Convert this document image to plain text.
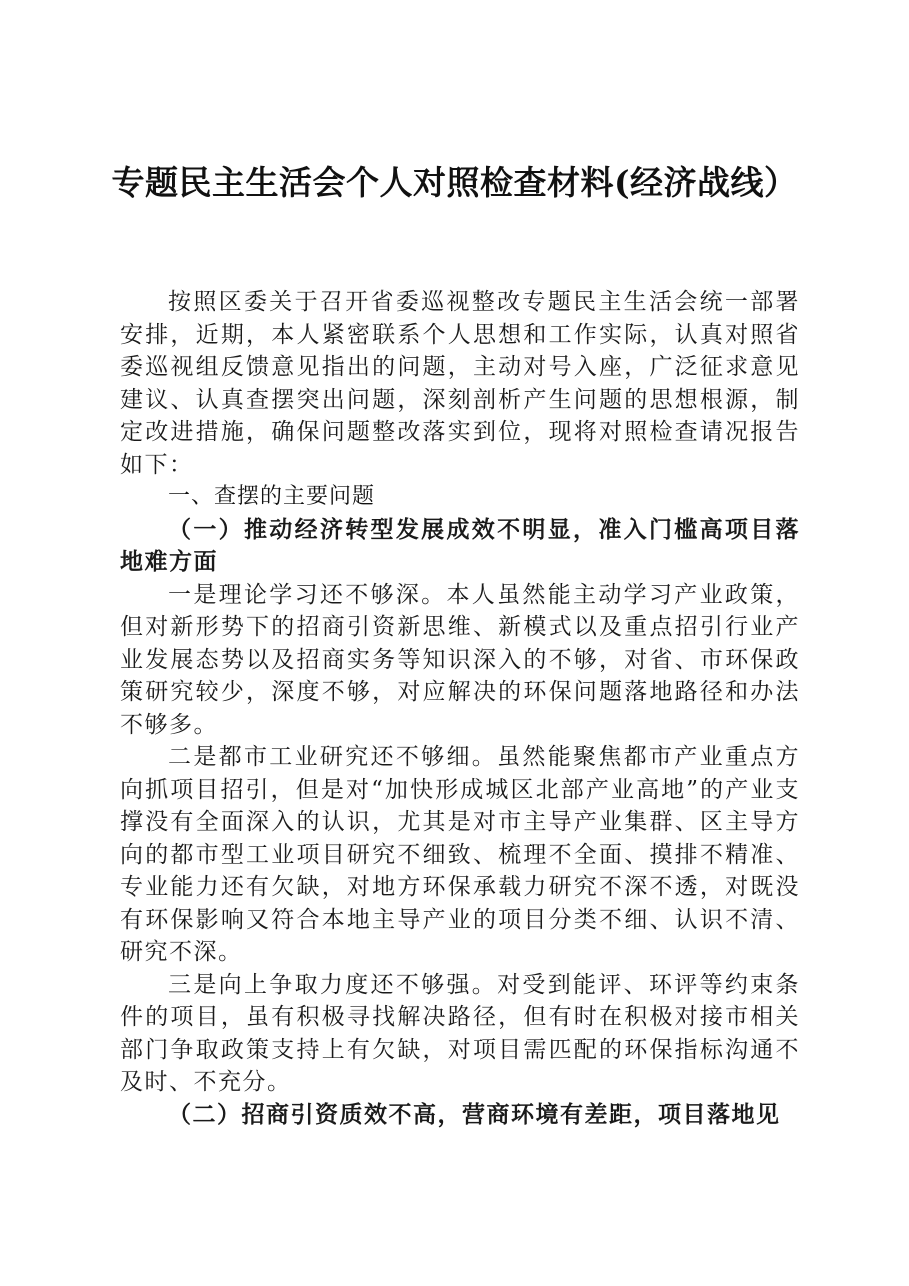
专题民主生活会个人对照检查材料(经济战线）

按照区委关于召开省委巡视整改专题民主生活会统一部署安排，近期，本人紧密联系个人思想和工作实际，认真对照省委巡视组反馈意见指出的问题，主动对号入座，广泛征求意见建议、认真查摆突出问题，深刻剖析产生问题的思想根源，制定改进措施，确保问题整改落实到位，现将对照检查请况报告如下：

一、查摆的主要问题

（一）推动经济转型发展成效不明显，准入门槛高项目落地难方面

一是理论学习还不够深。本人虽然能主动学习产业政策，但对新形势下的招商引资新思维、新模式以及重点招引行业产业发展态势以及招商实务等知识深入的不够，对省、市环保政策研究较少，深度不够，对应解决的环保问题落地路径和办法不够多。

二是都市工业研究还不够细。虽然能聚焦都市产业重点方向抓项目招引，但是对“加快形成城区北部产业高地”的产业支撑没有全面深入的认识，尤其是对市主导产业集群、区主导方向的都市型工业项目研究不细致、梳理不全面、摸排不精准、专业能力还有欠缺，对地方环保承载力研究不深不透，对既没有环保影响又符合本地主导产业的项目分类不细、认识不清、研究不深。

三是向上争取力度还不够强。对受到能评、环评等约束条件的项目，虽有积极寻找解决路径，但有时在积极对接市相关部门争取政策支持上有欠缺，对项目需匹配的环保指标沟通不及时、不充分。

（二）招商引资质效不高，营商环境有差距，项目落地见
